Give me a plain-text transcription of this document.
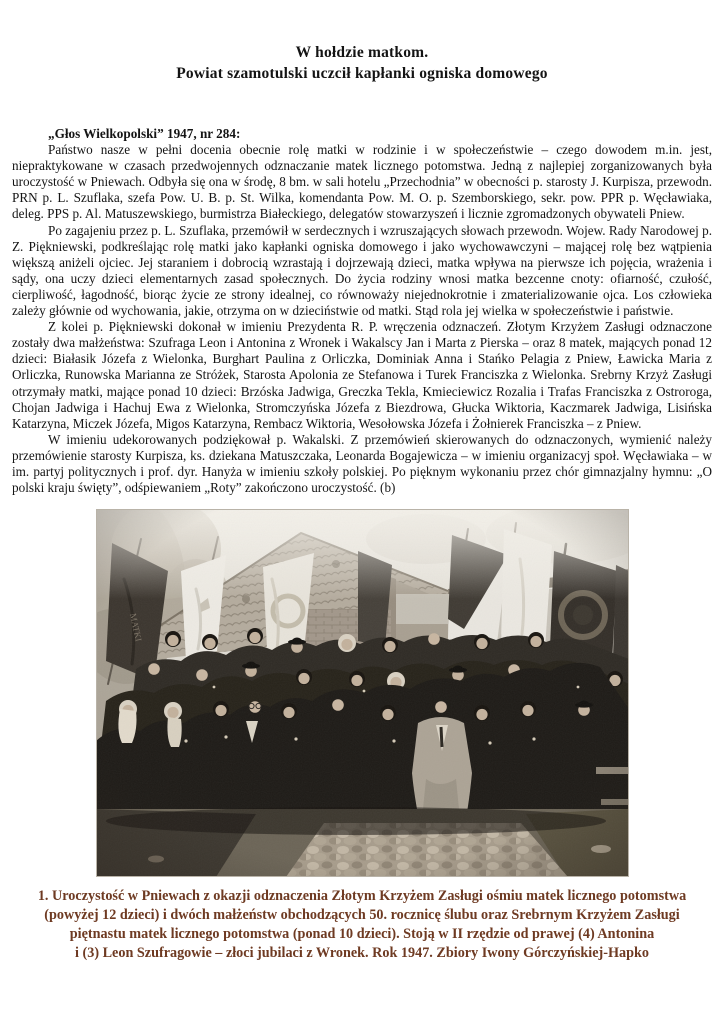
W hołdzie matkom.
Powiat szamotulski uczcił kapłanki ogniska domowego

„Głos Wielkopolski” 1947, nr 284:

Państwo nasze w pełni docenia obecnie rolę matki w rodzinie i w społeczeństwie – czego dowodem m.in. jest, niepraktykowane w czasach przedwojennych odznaczanie matek licznego potomstwa. Jedną z najlepiej zorganizowanych była uroczystość w Pniewach. Odbyła się ona w środę, 8 bm. w sali hotelu „Przechodnia” w obecności p. starosty J. Kurpisza, przewodn. PRN p. L. Szuflaka, szefa Pow. U. B. p. St. Wilka, komendanta Pow. M. O. p. Szemborskiego, sekr. pow. PPR p. Węcławiaka, deleg. PPS p. Al. Matuszewskiego, burmistrza Białeckiego, delegatów stowarzyszeń i licznie zgromadzonych obywateli Pniew.

Po zagajeniu przez p. L. Szuflaka, przemówił w serdecznych i wzruszających słowach przewodn. Wojew. Rady Narodowej p. Z. Piękniewski, podkreślając rolę matki jako kapłanki ogniska domowego i jako wychowawczyni – mającej rolę bez wątpienia większą aniżeli ojciec. Jej staraniem i dobrocią wzrastają i dojrzewają dzieci, matka wpływa na pierwsze ich pojęcia, wrażenia i sądy, ona uczy dzieci elementarnych zasad społecznych. Do życia rodziny wnosi matka bezcenne cnoty: ofiarność, czułość, cierpliwość, łagodność, biorąc życie ze strony idealnej, co równoważy niejednokrotnie i zmaterializowanie ojca. Los człowieka zależy głównie od wychowania, jakie, otrzyma on w dzieciństwie od matki. Stąd rola jej wielka w społeczeństwie i państwie.

Z kolei p. Piękniewski dokonał w imieniu Prezydenta R. P. wręczenia odznaczeń. Złotym Krzyżem Zasługi odznaczone zostały dwa małżeństwa: Szufraga Leon i Antonina z Wronek i Wakalscy Jan i Marta z Pierska – oraz 8 matek, mających ponad 12 dzieci: Białasik Józefa z Wielonka, Burghart Paulina z Orliczka, Dominiak Anna i Stańko Pelagia z Pniew, Ławicka Maria z Orliczka, Runowska Marianna ze Stróżek, Starosta Apolonia ze Stefanowa i Turek Franciszka z Wielonka. Srebrny Krzyż Zasługi otrzymały matki, mające ponad 10 dzieci: Brzóska Jadwiga, Greczka Tekla, Kmieciewicz Rozalia i Trafas Franciszka z Ostroroga, Chojan Jadwiga i Hachuj Ewa z Wielonka, Stromczyńska Józefa z Biezdrowa, Głucka Wiktoria, Kaczmarek Jadwiga, Lisińska Katarzyna, Miczek Józefa, Migos Katarzyna, Rembacz Wiktoria, Wesołowska Józefa i Żołnierek Franciszka – z Pniew.

W imieniu udekorowanych podziękował p. Wakalski. Z przemówień skierowanych do odznaczonych, wymienić należy przemówienie starosty Kurpisza, ks. dziekana Matuszczaka, Leonarda Bogajewicza – w imieniu organizacyj społ. Węcławiaka – w im. partyj politycznych i prof. dyr. Hanyża w imieniu szkoły polskiej. Po pięknym wykonaniu przez chór gimnazjalny hymnu: „O polski kraju święty”, odśpiewaniem „Roty” zakończono uroczystość. (b)

1. Uroczystość w Pniewach z okazji odznaczenia Złotym Krzyżem Zasługi ośmiu matek licznego potomstwa
(powyżej 12 dzieci) i dwóch małżeństw obchodzących 50. rocznicę ślubu oraz Srebrnym Krzyżem Zasługi
piętnastu matek licznego potomstwa (ponad 10 dzieci). Stoją w II rzędzie od prawej (4) Antonina
i (3) Leon Szufragowie – złoci jubilaci z Wronek. Rok 1947. Zbiory Iwony Górczyńskiej-Hapko
